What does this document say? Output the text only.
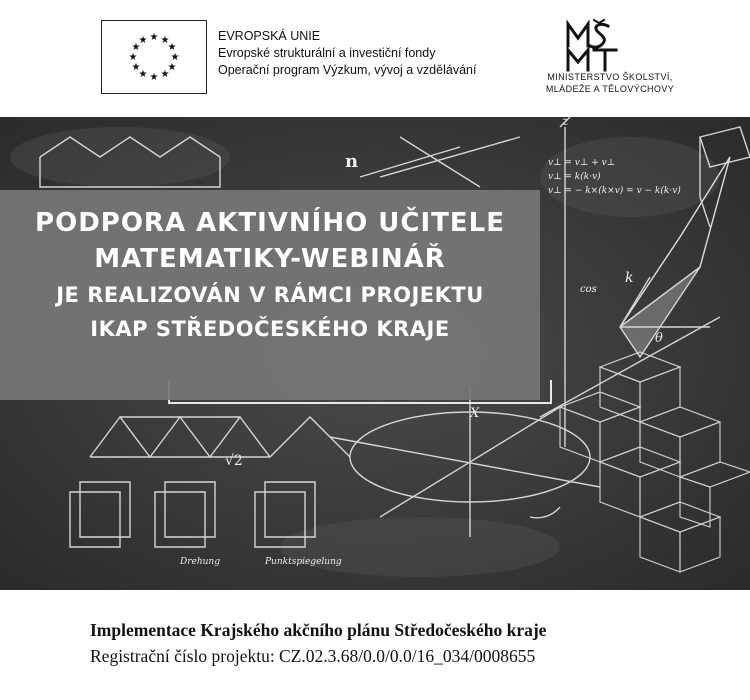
★ ★
★
★
★
★
★
★
★
★
★
★	EVROPSKÁ UNIE
Evropské strukturální a investiční fondy
Operační program Výzkum, vývoj a vzdělávání	MINISTERSTVO ŠKOLSTVÍ,
MLÁDEŽE A TĚLOVÝCHOVY
v⊥ = v⊥ + v⊥
v⊥ = k(k·v)
v⊥ = − k×(k×v) = v − k(k·v)
n
k
θ
z
X
cos
√2
Drehung	Punktspiegelung
PODPORA AKTIVNÍHO UČITELE
MATEMATIKY-WEBINÁŘ
JE REALIZOVÁN V RÁMCI PROJEKTU
IKAP STŘEDOČESKÉHO KRAJE
Implementace Krajského akčního plánu Středočeského kraje
Registrační číslo projektu: CZ.02.3.68/0.0/0.0/16_034/0008655
